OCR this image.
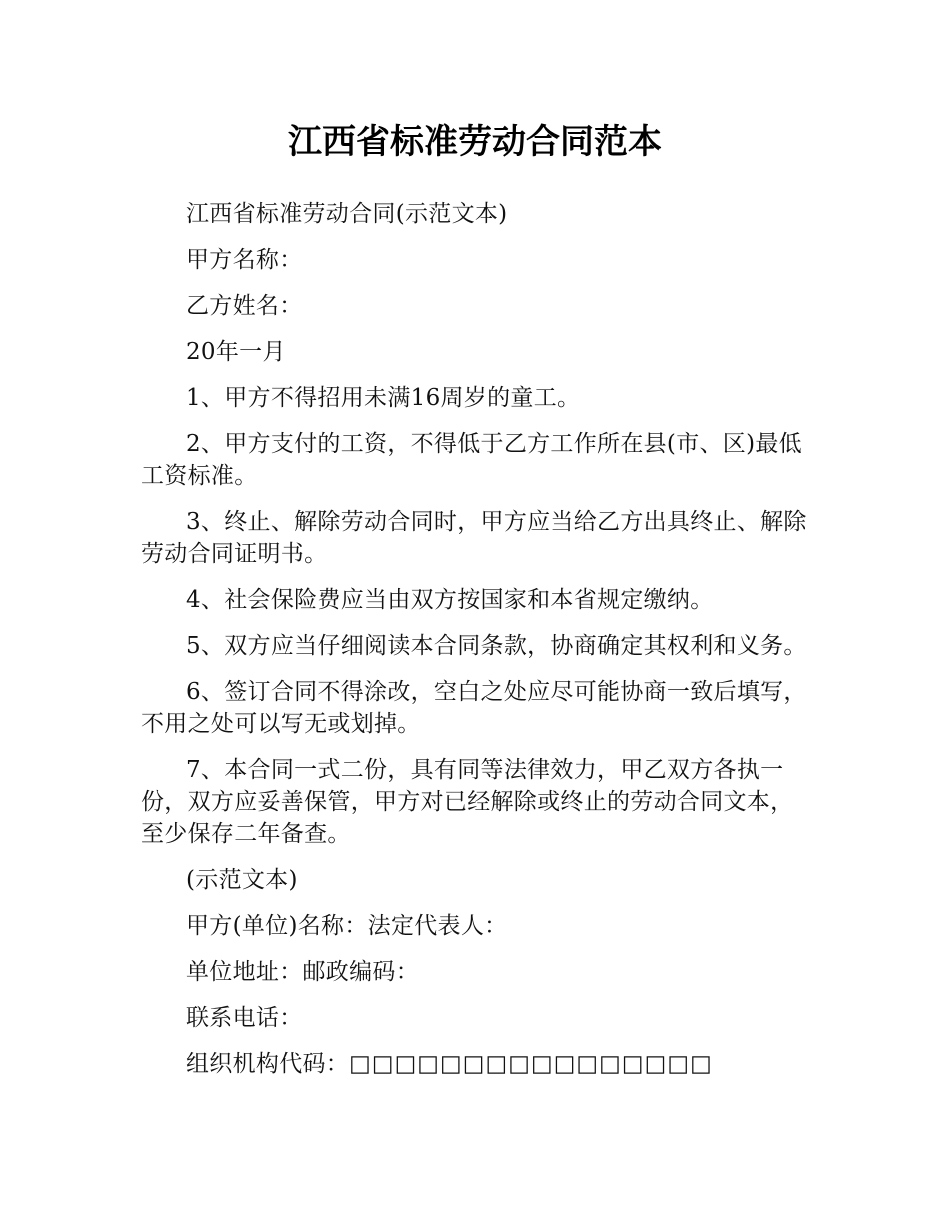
江西省标准劳动合同范本

江西省标准劳动合同(示范文本)

甲方名称：

乙方姓名：

20年一月

1、甲方不得招用未满16周岁的童工。

2、甲方支付的工资，不得低于乙方工作所在县(市、区)最低工资标准。

3、终止、解除劳动合同时，甲方应当给乙方出具终止、解除劳动合同证明书。

4、社会保险费应当由双方按国家和本省规定缴纳。

5、双方应当仔细阅读本合同条款，协商确定其权利和义务。

6、签订合同不得涂改，空白之处应尽可能协商一致后填写，不用之处可以写无或划掉。

7、本合同一式二份，具有同等法律效力，甲乙双方各执一份，双方应妥善保管，甲方对已经解除或终止的劳动合同文本，至少保存二年备查。

(示范文本)

甲方(单位)名称：法定代表人：

单位地址：邮政编码：

联系电话：

组织机构代码：□□□□□□□□□□□□□□□□
